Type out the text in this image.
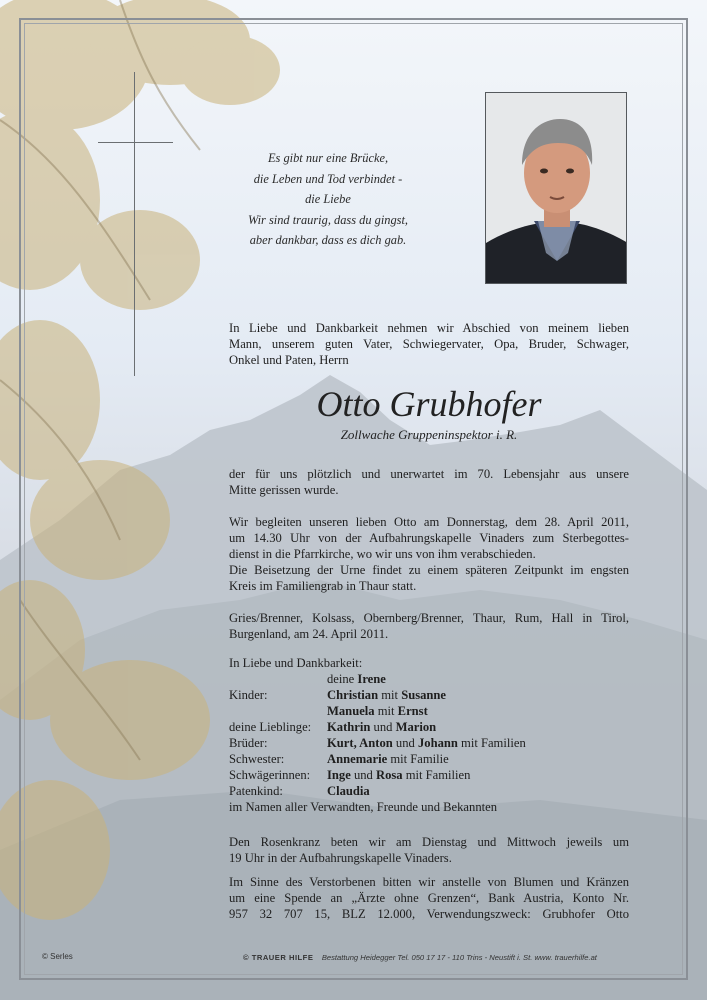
Es gibt nur eine Brücke,
die Leben und Tod verbindet -
die Liebe
Wir sind traurig, dass du gingst,
aber dankbar, dass es dich gab.
In Liebe und Dankbarkeit nehmen wir Abschied von meinem lieben
Mann, unserem guten Vater, Schwiegervater, Opa, Bruder, Schwager,
Onkel und Paten, Herrn
Otto Grubhofer
Zollwache Gruppeninspektor i. R.
der für uns plötzlich und unerwartet im 70. Lebensjahr aus unsere
Mitte gerissen wurde.
Wir begleiten unseren lieben Otto am Donnerstag, dem 28. April 2011,
um 14.30 Uhr von der Aufbahrungskapelle Vinaders zum Sterbegottes-
dienst in die Pfarrkirche, wo wir uns von ihm verabschieden.
Die Beisetzung der Urne findet zu einem späteren Zeitpunkt im engsten
Kreis im Familiengrab in Thaur statt.
Gries/Brenner, Kolsass, Obernberg/Brenner, Thaur, Rum, Hall in Tirol,
Burgenland, am 24. April 2011.
In Liebe und Dankbarkeit:
deine Irene
Kinder:	Christian mit Susanne
Manuela mit Ernst
deine Lieblinge:	Kathrin und Marion
Brüder:	Kurt, Anton und Johann mit Familien
Schwester:	Annemarie mit Familie
Schwägerinnen:	Inge und Rosa mit Familien
Patenkind:	Claudia
im Namen aller Verwandten, Freunde und Bekannten
Den Rosenkranz beten wir am Dienstag und Mittwoch jeweils um
19 Uhr in der Aufbahrungskapelle Vinaders.
Im Sinne des Verstorbenen bitten wir anstelle von Blumen und Kränzen
um eine Spende an „Ärzte ohne Grenzen“, Bank Austria, Konto Nr.
957 32 707 15, BLZ 12.000, Verwendungszweck: Grubhofer Otto
© Serles	© TRAUER HILFE Bestattung Heidegger Tel. 050 17 17 - 110 Trins - Neustift i. St. www. trauerhilfe.at
